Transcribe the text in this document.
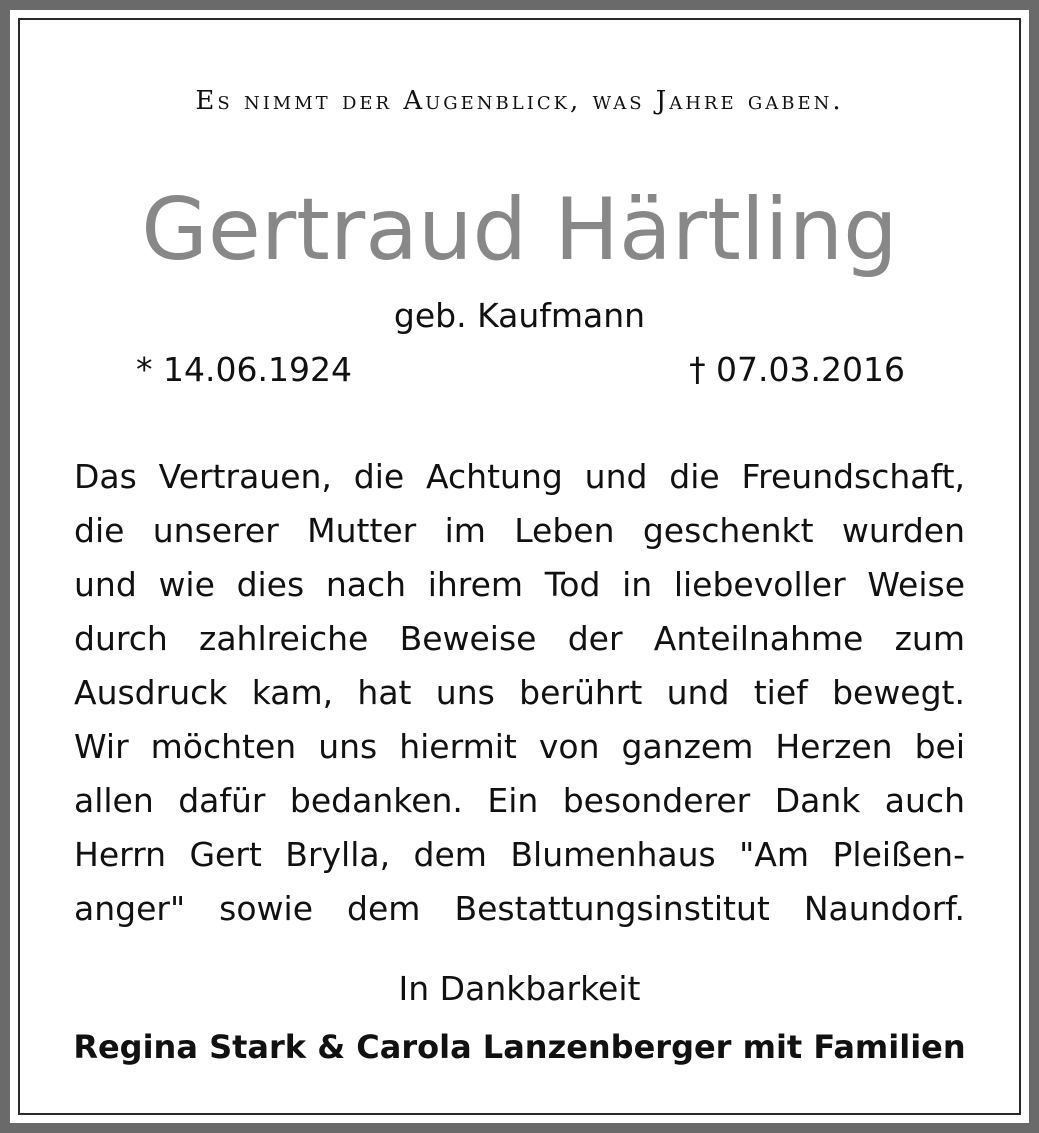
Es nimmt der Augenblick, was Jahre gaben.
Gertraud Härtling
geb. Kaufmann
* 14.06.1924	† 07.03.2016
Das Vertrauen, die Achtung und die Freundschaft,
die unserer Mutter im Leben geschenkt wurden
und wie dies nach ihrem Tod in liebevoller Weise
durch zahlreiche Beweise der Anteilnahme zum
Ausdruck kam, hat uns berührt und tief bewegt.
Wir möchten uns hiermit von ganzem Herzen bei
allen dafür bedanken. Ein besonderer Dank auch
Herrn Gert Brylla, dem Blumenhaus "Am Pleißen-
anger" sowie dem Bestattungsinstitut Naundorf.
In Dankbarkeit
Regina Stark & Carola Lanzenberger mit Familien
